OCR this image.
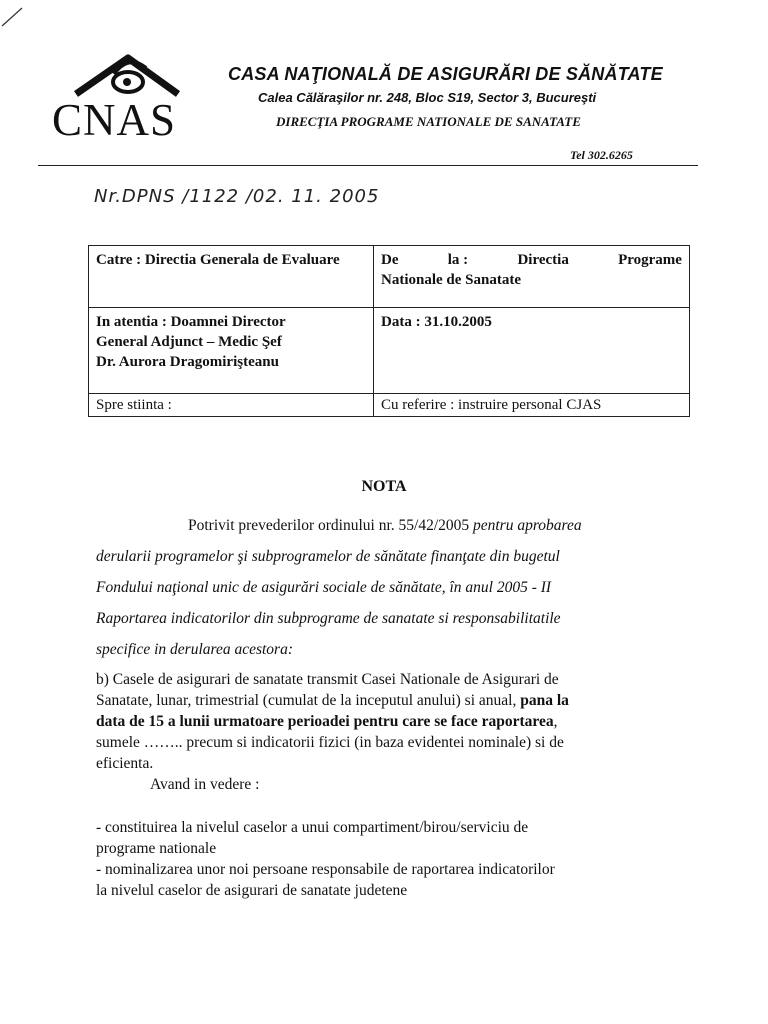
CNAS
CASA NAŢIONALĂ DE ASIGURĂRI DE SĂNĂTATE
Calea Călăraşilor nr. 248, Bloc S19, Sector 3, Bucureşti
DIRECŢIA PROGRAME NATIONALE DE SANATATE
Tel 302.6265
Nr.DPNS /1122 /02. 11. 2005
Catre : Directia Generala de Evaluare	De la : Directia Programe
Nationale de Sanatate

In atentia : Doamnei Director
General Adjunct – Medic Şef
Dr. Aurora Dragomirişteanu	Data : 31.10.2005
Spre stiinta :	Cu referire : instruire personal CJAS
NOTA
Potrivit prevederilor ordinului nr. 55/42/2005 pentru aprobarea
derularii programelor şi subprogramelor de sănătate finanţate din bugetul
Fondului naţional unic de asigurări sociale de sănătate, în anul 2005 - II
Raportarea indicatorilor din subprograme de sanatate si responsabilitatile
specifice in derularea acestora:
b) Casele de asigurari de sanatate transmit Casei Nationale de Asigurari de
Sanatate, lunar, trimestrial (cumulat de la inceputul anului) si anual, pana la
data de 15 a lunii urmatoare perioadei pentru care se face raportarea,
sumele …….. precum si indicatorii fizici (in baza evidentei nominale) si de
eficienta.
Avand in vedere :
- constituirea la nivelul caselor a unui compartiment/birou/serviciu de
programe nationale
- nominalizarea unor noi persoane responsabile de raportarea indicatorilor
la nivelul caselor de asigurari de sanatate judetene
